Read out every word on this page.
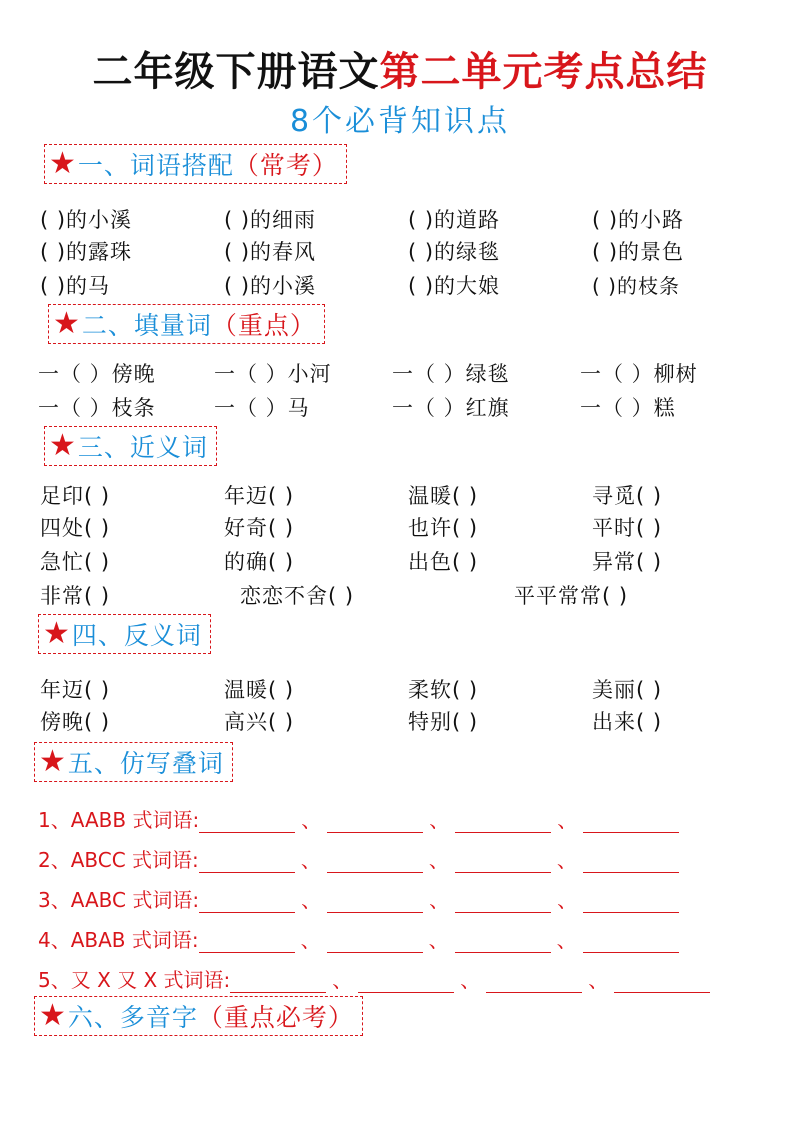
二年级下册语文第二单元考点总结
8个必背知识点
★ 一、词语搭配（常考）
( )的小溪	( )的细雨	( )的道路	( )的小路
( )的露珠	( )的春风	( )的绿毯	( )的景色
( )的马	( )的小溪	( )的大娘	( )的枝条
★ 二、填量词（重点）
一（ ）傍晚	一（ ）小河	一（ ）绿毯	一（ ）柳树
一（ ）枝条	一（ ）马	一（ ）红旗	一（ ）糕
★ 三、近义词
足印( )	年迈( )	温暖( )	寻觅( )
四处( )	好奇( )	也许( )	平时( )
急忙( )	的确( )	出色( )	异常( )
非常( )	恋恋不舍( )	平平常常( )
★ 四、反义词
年迈( )	温暖( )	柔软( )	美丽( )
傍晚( )	高兴( )	特别( )	出来( )
★ 五、仿写叠词
1、AABB 式词语:	、	、	、
2、ABCC 式词语:	、	、	、
3、AABC 式词语:	、	、	、
4、ABAB 式词语:	、	、	、
5、又 X 又 X 式词语:	、	、	、
★ 六、多音字（重点必考）
